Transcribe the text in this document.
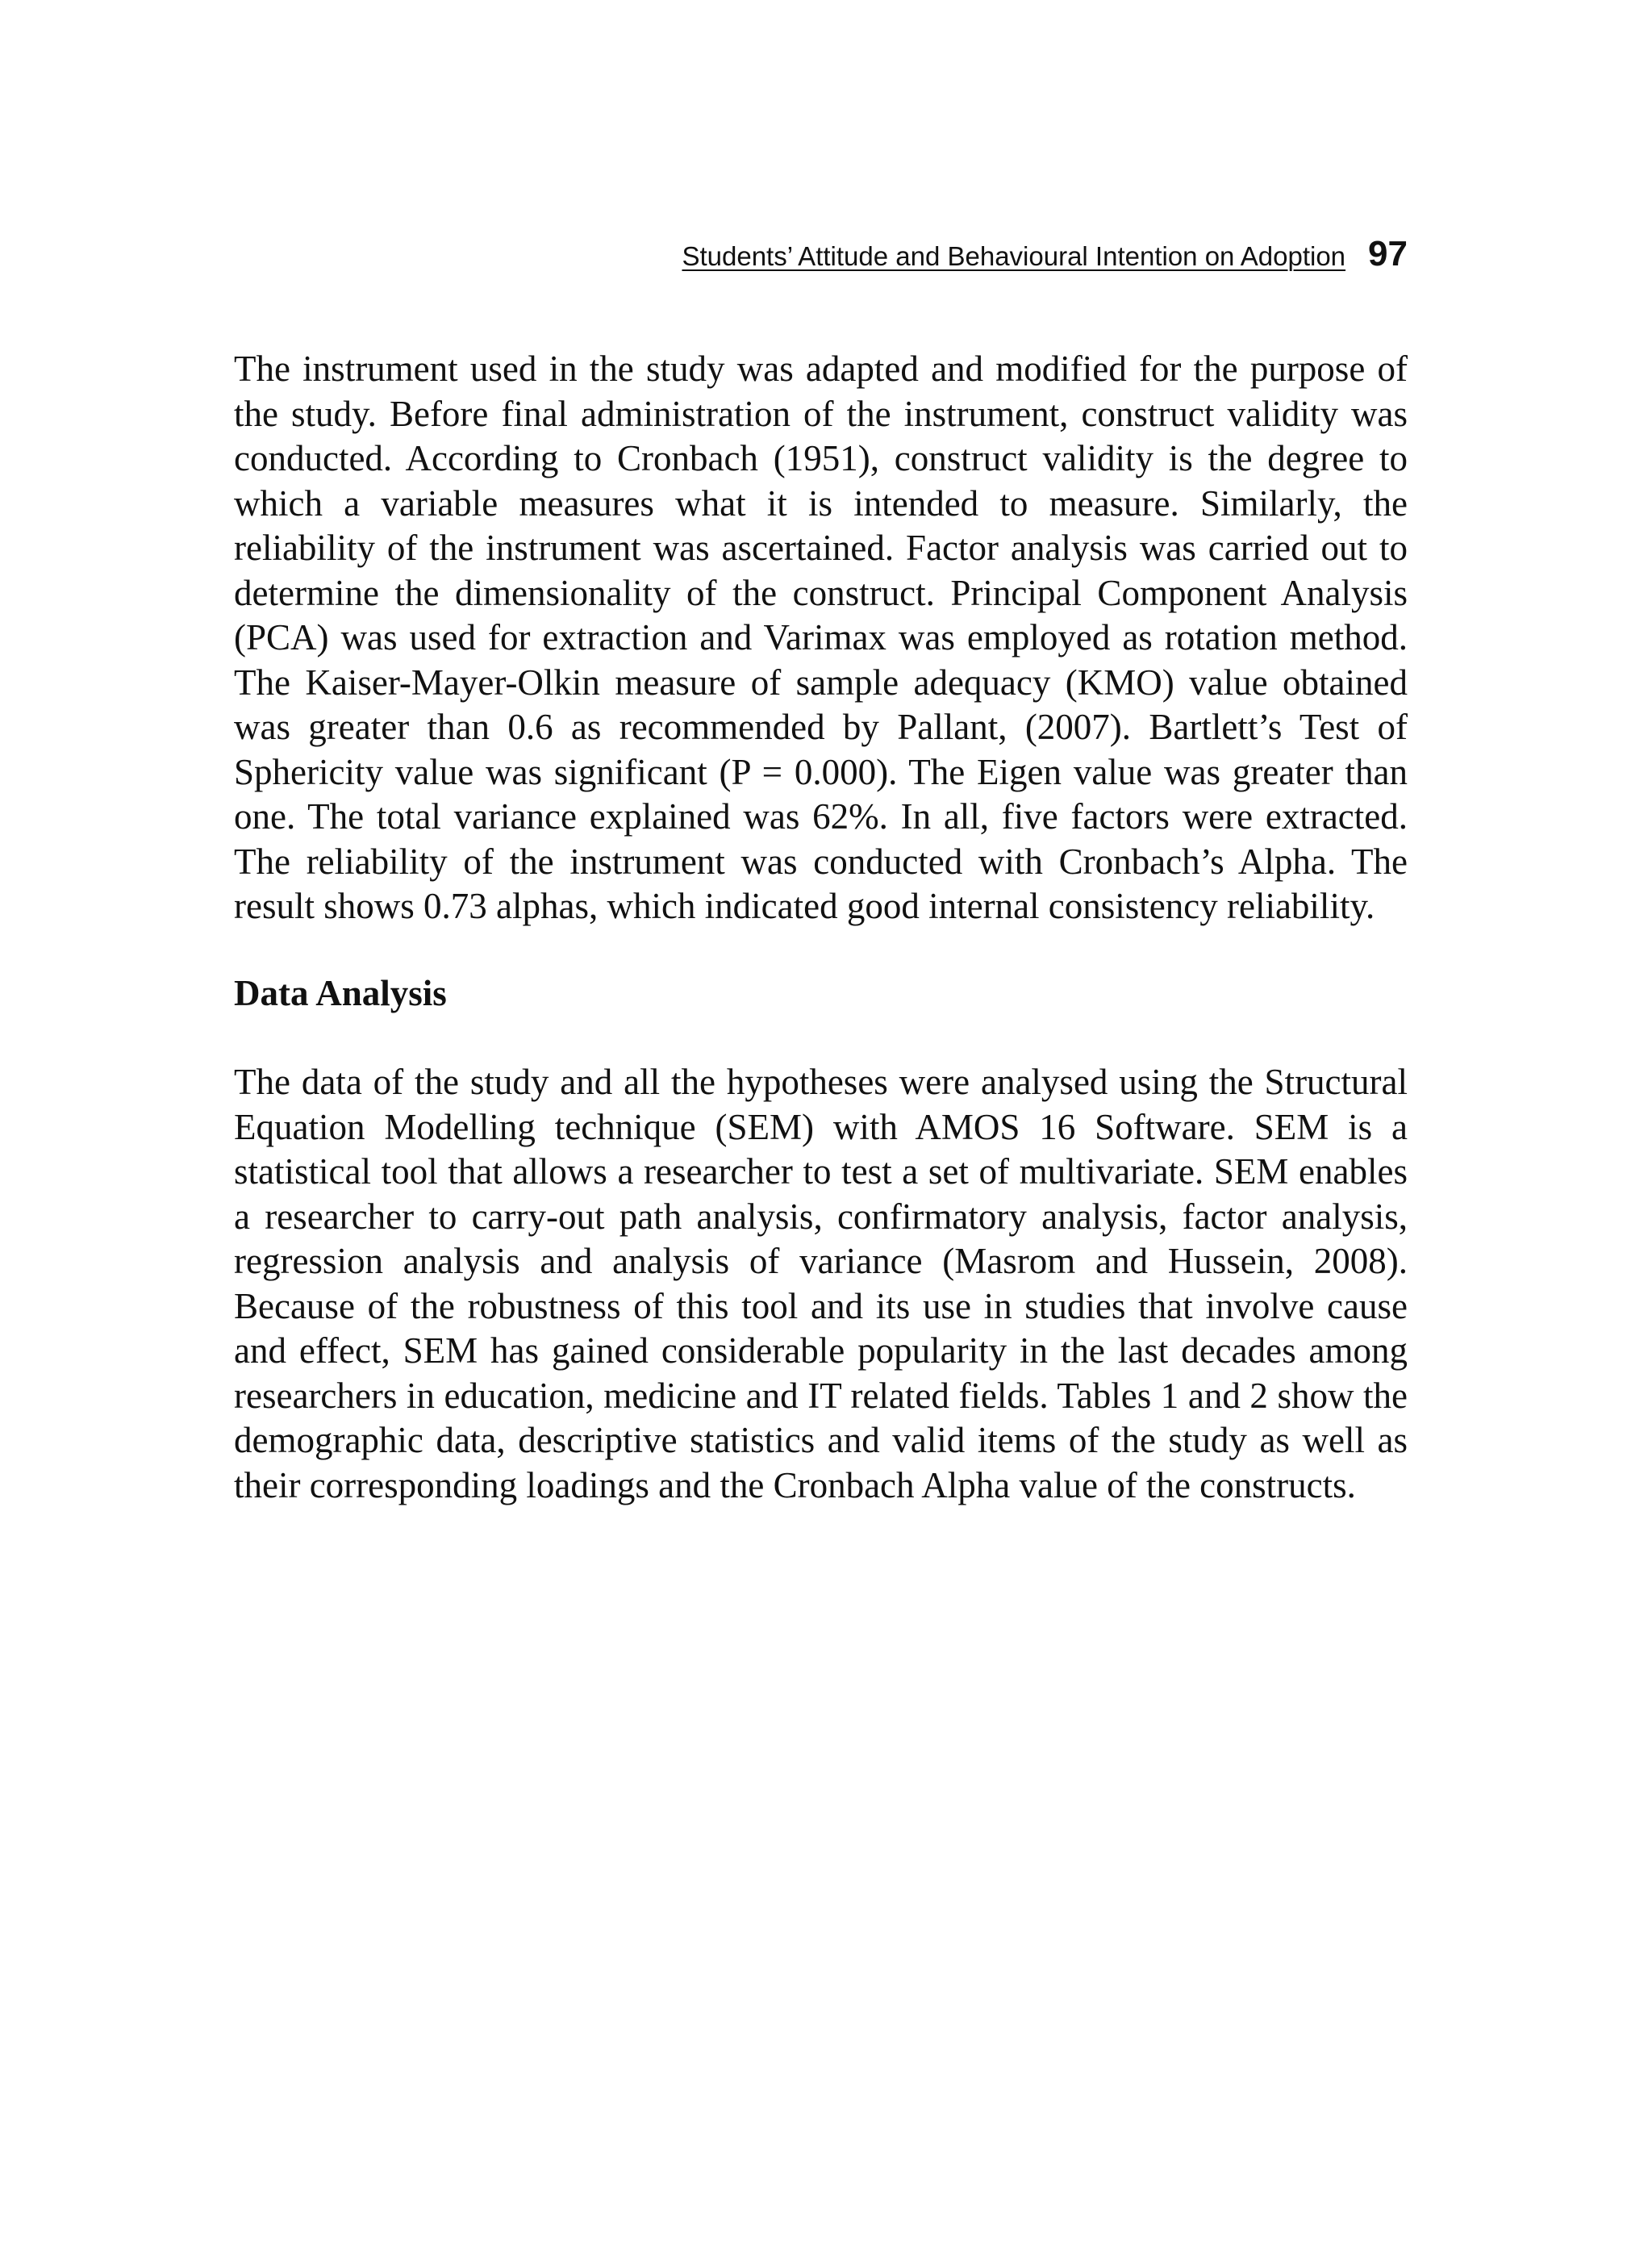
Students’ Attitude and Behavioural Intention on Adoption 97

The instrument used in the study was adapted and modified for the purpose of the study. Before final administration of the instrument, construct validity was conducted. According to Cronbach (1951), construct validity is the degree to which a variable measures what it is intended to measure. Similarly, the reliability of the instrument was ascertained. Factor analysis was carried out to determine the dimensionality of the construct. Principal Component Analysis (PCA) was used for extraction and Varimax was employed as rotation method. The Kaiser-Mayer-Olkin measure of sample adequacy (KMO) value obtained was greater than 0.6 as recommended by Pallant, (2007). Bartlett’s Test of Sphericity value was significant (P = 0.000). The Eigen value was greater than one. The total variance explained was 62%. In all, five factors were extracted. The reliability of the instrument was conducted with Cronbach’s Alpha. The result shows 0.73 alphas, which indicated good internal consistency reliability.

Data Analysis

The data of the study and all the hypotheses were analysed using the Structural Equation Modelling technique (SEM) with AMOS 16 Software. SEM is a statistical tool that allows a researcher to test a set of multivariate. SEM enables a researcher to carry-out path analysis, confirmatory analysis, factor analysis, regression analysis and analysis of variance (Masrom and Hussein, 2008). Because of the robustness of this tool and its use in studies that involve cause and effect, SEM has gained considerable popularity in the last decades among researchers in education, medicine and IT related fields. Tables 1 and 2 show the demographic data, descriptive statistics and valid items of the study as well as their corresponding loadings and the Cronbach Alpha value of the constructs.
